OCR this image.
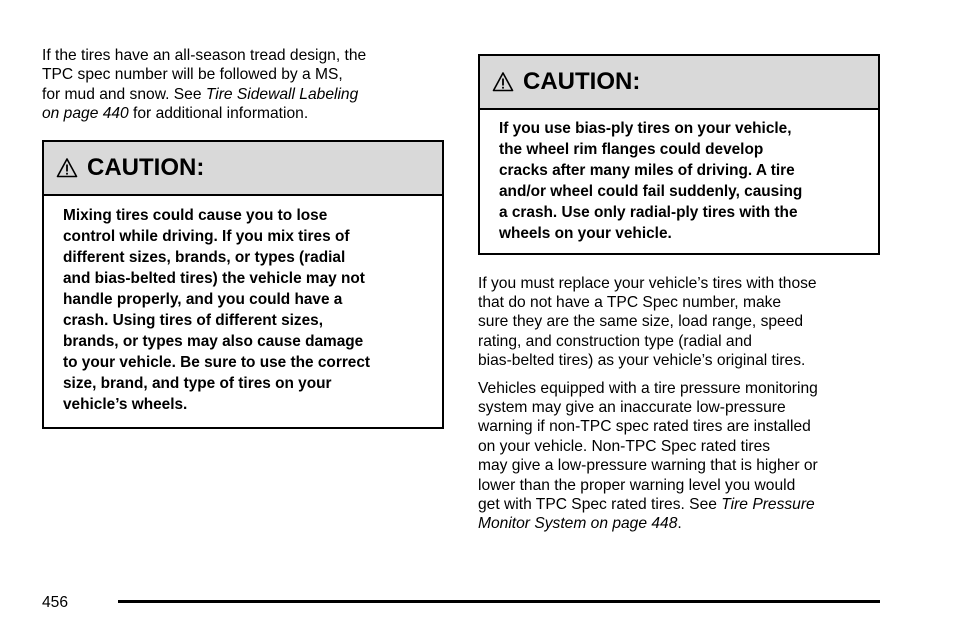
If the tires have an all-season tread design, the
TPC spec number will be followed by a MS,
for mud and snow. See Tire Sidewall Labeling
on page 440 for additional information.

CAUTION:
Mixing tires could cause you to lose
control while driving. If you mix tires of
different sizes, brands, or types (radial
and bias-belted tires) the vehicle may not
handle properly, and you could have a
crash. Using tires of different sizes,
brands, or types may also cause damage
to your vehicle. Be sure to use the correct
size, brand, and type of tires on your
vehicle’s wheels.
CAUTION:
If you use bias-ply tires on your vehicle,
the wheel rim flanges could develop
cracks after many miles of driving. A tire
and/or wheel could fail suddenly, causing
a crash. Use only radial-ply tires with the
wheels on your vehicle.

If you must replace your vehicle’s tires with those
that do not have a TPC Spec number, make
sure they are the same size, load range, speed
rating, and construction type (radial and
bias-belted tires) as your vehicle’s original tires.

Vehicles equipped with a tire pressure monitoring
system may give an inaccurate low-pressure
warning if non-TPC spec rated tires are installed
on your vehicle. Non-TPC Spec rated tires
may give a low-pressure warning that is higher or
lower than the proper warning level you would
get with TPC Spec rated tires. See Tire Pressure
Monitor System on page 448.

456
